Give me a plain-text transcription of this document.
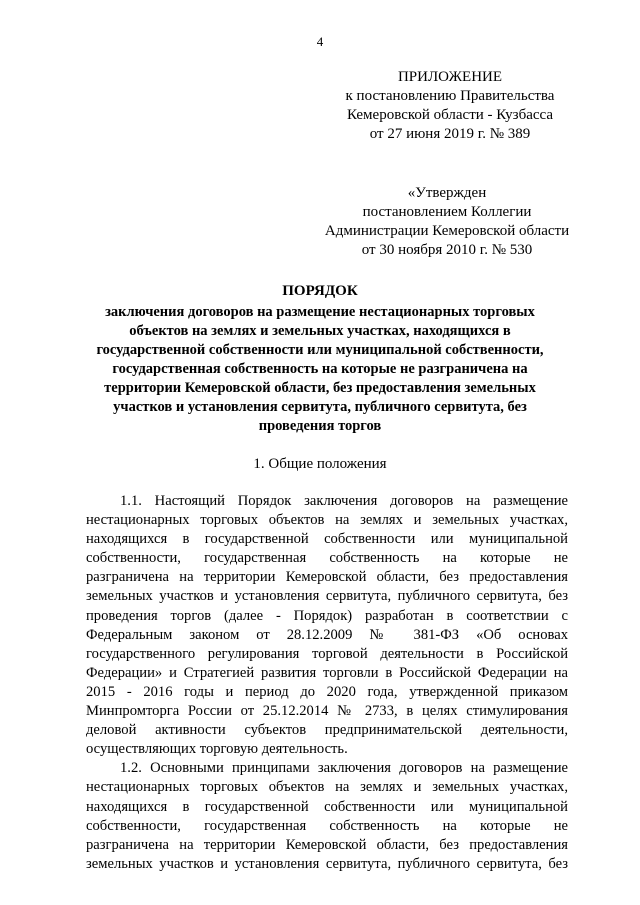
4
ПРИЛОЖЕНИЕ
к постановлению Правительства
Кемеровской области - Кузбасса
от 27 июня 2019 г. № 389
«Утвержден
постановлением Коллегии
Администрации Кемеровской области
от 30 ноября 2010 г. № 530
ПОРЯДОК
заключения договоров на размещение нестационарных торговых
объектов на землях и земельных участках, находящихся в
государственной собственности или муниципальной собственности,
государственная собственность на которые не разграничена на
территории Кемеровской области, без предоставления земельных
участков и установления сервитута, публичного сервитута, без
проведения торгов
1. Общие положения
1.1. Настоящий Порядок заключения договоров на размещение
нестационарных торговых объектов на землях и земельных участках,
находящихся в государственной собственности или муниципальной
собственности, государственная собственность на которые не
разграничена на территории Кемеровской области, без предоставления
земельных участков и установления сервитута, публичного сервитута, без
проведения торгов (далее - Порядок) разработан в соответствии с
Федеральным законом от 28.12.2009 № 381-ФЗ «Об основах
государственного регулирования торговой деятельности в Российской
Федерации» и Стратегией развития торговли в Российской Федерации на
2015 - 2016 годы и период до 2020 года, утвержденной приказом
Минпромторга России от 25.12.2014 № 2733, в целях стимулирования
деловой активности субъектов предпринимательской деятельности,
осуществляющих торговую деятельность.
1.2. Основными принципами заключения договоров на размещение
нестационарных торговых объектов на землях и земельных участках,
находящихся в государственной собственности или муниципальной
собственности, государственная собственность на которые не
разграничена на территории Кемеровской области, без предоставления
земельных участков и установления сервитута, публичного сервитута, без
